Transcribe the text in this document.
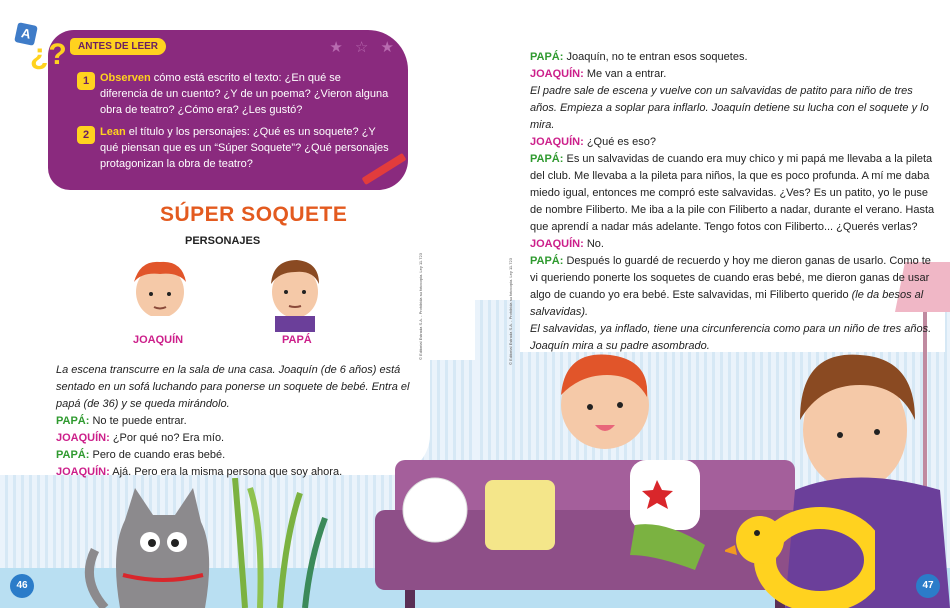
★ ☆ ★
A
¿?	ANTES DE LEER
1 Observen cómo está escrito el texto: ¿En qué se diferencia de un cuento? ¿Y de un poema? ¿Vieron alguna obra de teatro? ¿Cómo era? ¿Les gustó?
2 Lean el título y los personajes: ¿Qué es un soquete? ¿Y qué piensan que es un “Súper Soquete”? ¿Qué personajes protagonizan la obra de teatro?
SÚPER SOQUETE
PERSONAJES
JOAQUÍN	PAPÁ

La escena transcurre en la sala de una casa. Joaquín (de 6 años) está sentado en un sofá luchando para ponerse un soquete de bebé. Entra el papá (de 36) y se queda mirándolo.

PAPÁ: No te puede entrar.

JOAQUÍN: ¿Por qué no? Era mío.

PAPÁ: Pero de cuando eras bebé.

JOAQUÍN: Ajá. Pero era la misma persona que soy ahora.

© Editorial Estrada S.A. - Prohibida su fotocopia. Ley 11.723
46

PAPÁ: Joaquín, no te entran esos soquetes.

JOAQUÍN: Me van a entrar.

El padre sale de escena y vuelve con un salvavidas de patito para niño de tres años. Empieza a soplar para inflarlo. Joaquín detiene su lucha con el soquete y lo mira.

JOAQUÍN: ¿Qué es eso?

PAPÁ: Es un salvavidas de cuando era muy chico y mi papá me llevaba a la pileta del club. Me llevaba a la pileta para niños, la que es poco profunda. A mí me daba miedo igual, entonces me compró este salvavidas. ¿Ves? Es un patito, yo le puse de nombre Filiberto. Me iba a la pile con Filiberto a nadar, durante el verano. Hasta que aprendí a nadar más adelante. Tengo fotos con Filiberto... ¿Querés verlas?

JOAQUÍN: No.

PAPÁ: Después lo guardé de recuerdo y hoy me dieron ganas de usarlo. Como te vi queriendo ponerte los soquetes de cuando eras bebé, me dieron ganas de usar algo de cuando yo era bebé. Este salvavidas, mi Filiberto querido (le da besos al salvavidas).

El salvavidas, ya inflado, tiene una circunferencia como para un niño de tres años. Joaquín mira a su padre asombrado.

© Editorial Estrada S.A. - Prohibida su fotocopia. Ley 11.723
47
